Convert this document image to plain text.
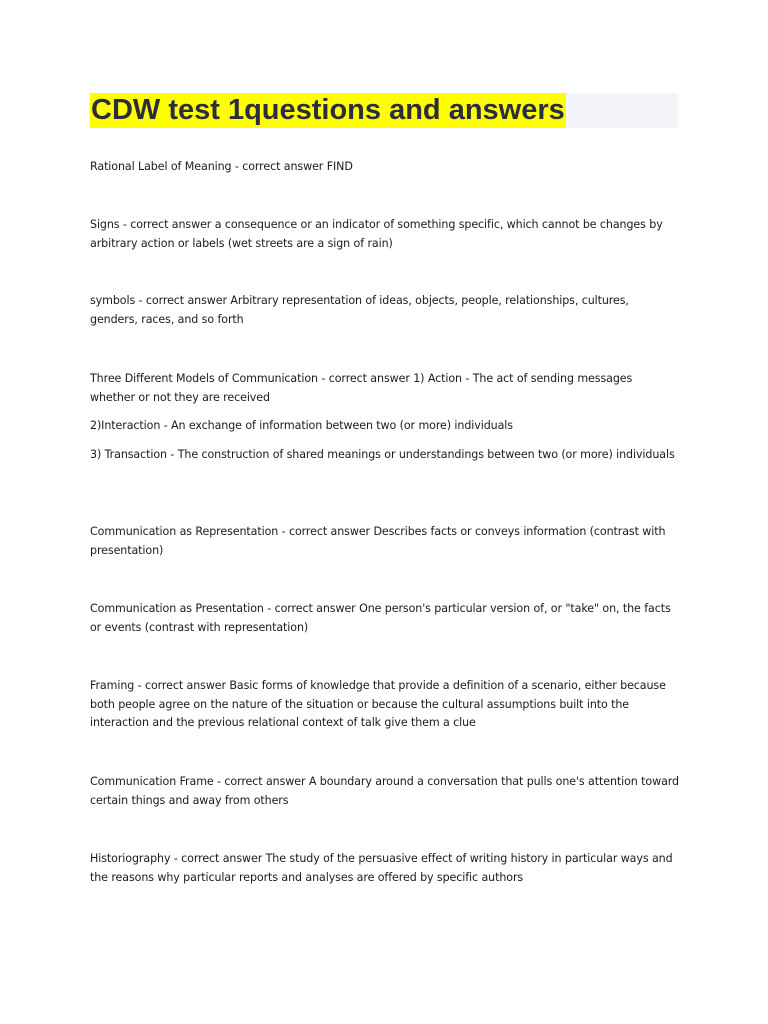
CDW test 1questions and answers

Rational Label of Meaning - correct answer FIND

Signs - correct answer a consequence or an indicator of something specific, which cannot be changes by arbitrary action or labels (wet streets are a sign of rain)

symbols - correct answer Arbitrary representation of ideas, objects, people, relationships, cultures, genders, races, and so forth

Three Different Models of Communication - correct answer 1) Action - The act of sending messages whether or not they are received

2)Interaction - An exchange of information between two (or more) individuals

3) Transaction - The construction of shared meanings or understandings between two (or more) individuals

Communication as Representation - correct answer Describes facts or conveys information (contrast with presentation)

Communication as Presentation - correct answer One person's particular version of, or "take" on, the facts or events (contrast with representation)

Framing - correct answer Basic forms of knowledge that provide a definition of a scenario, either because both people agree on the nature of the situation or because the cultural assumptions built into the interaction and the previous relational context of talk give them a clue

Communication Frame - correct answer A boundary around a conversation that pulls one's attention toward certain things and away from others

Historiography - correct answer The study of the persuasive effect of writing history in particular ways and the reasons why particular reports and analyses are offered by specific authors
